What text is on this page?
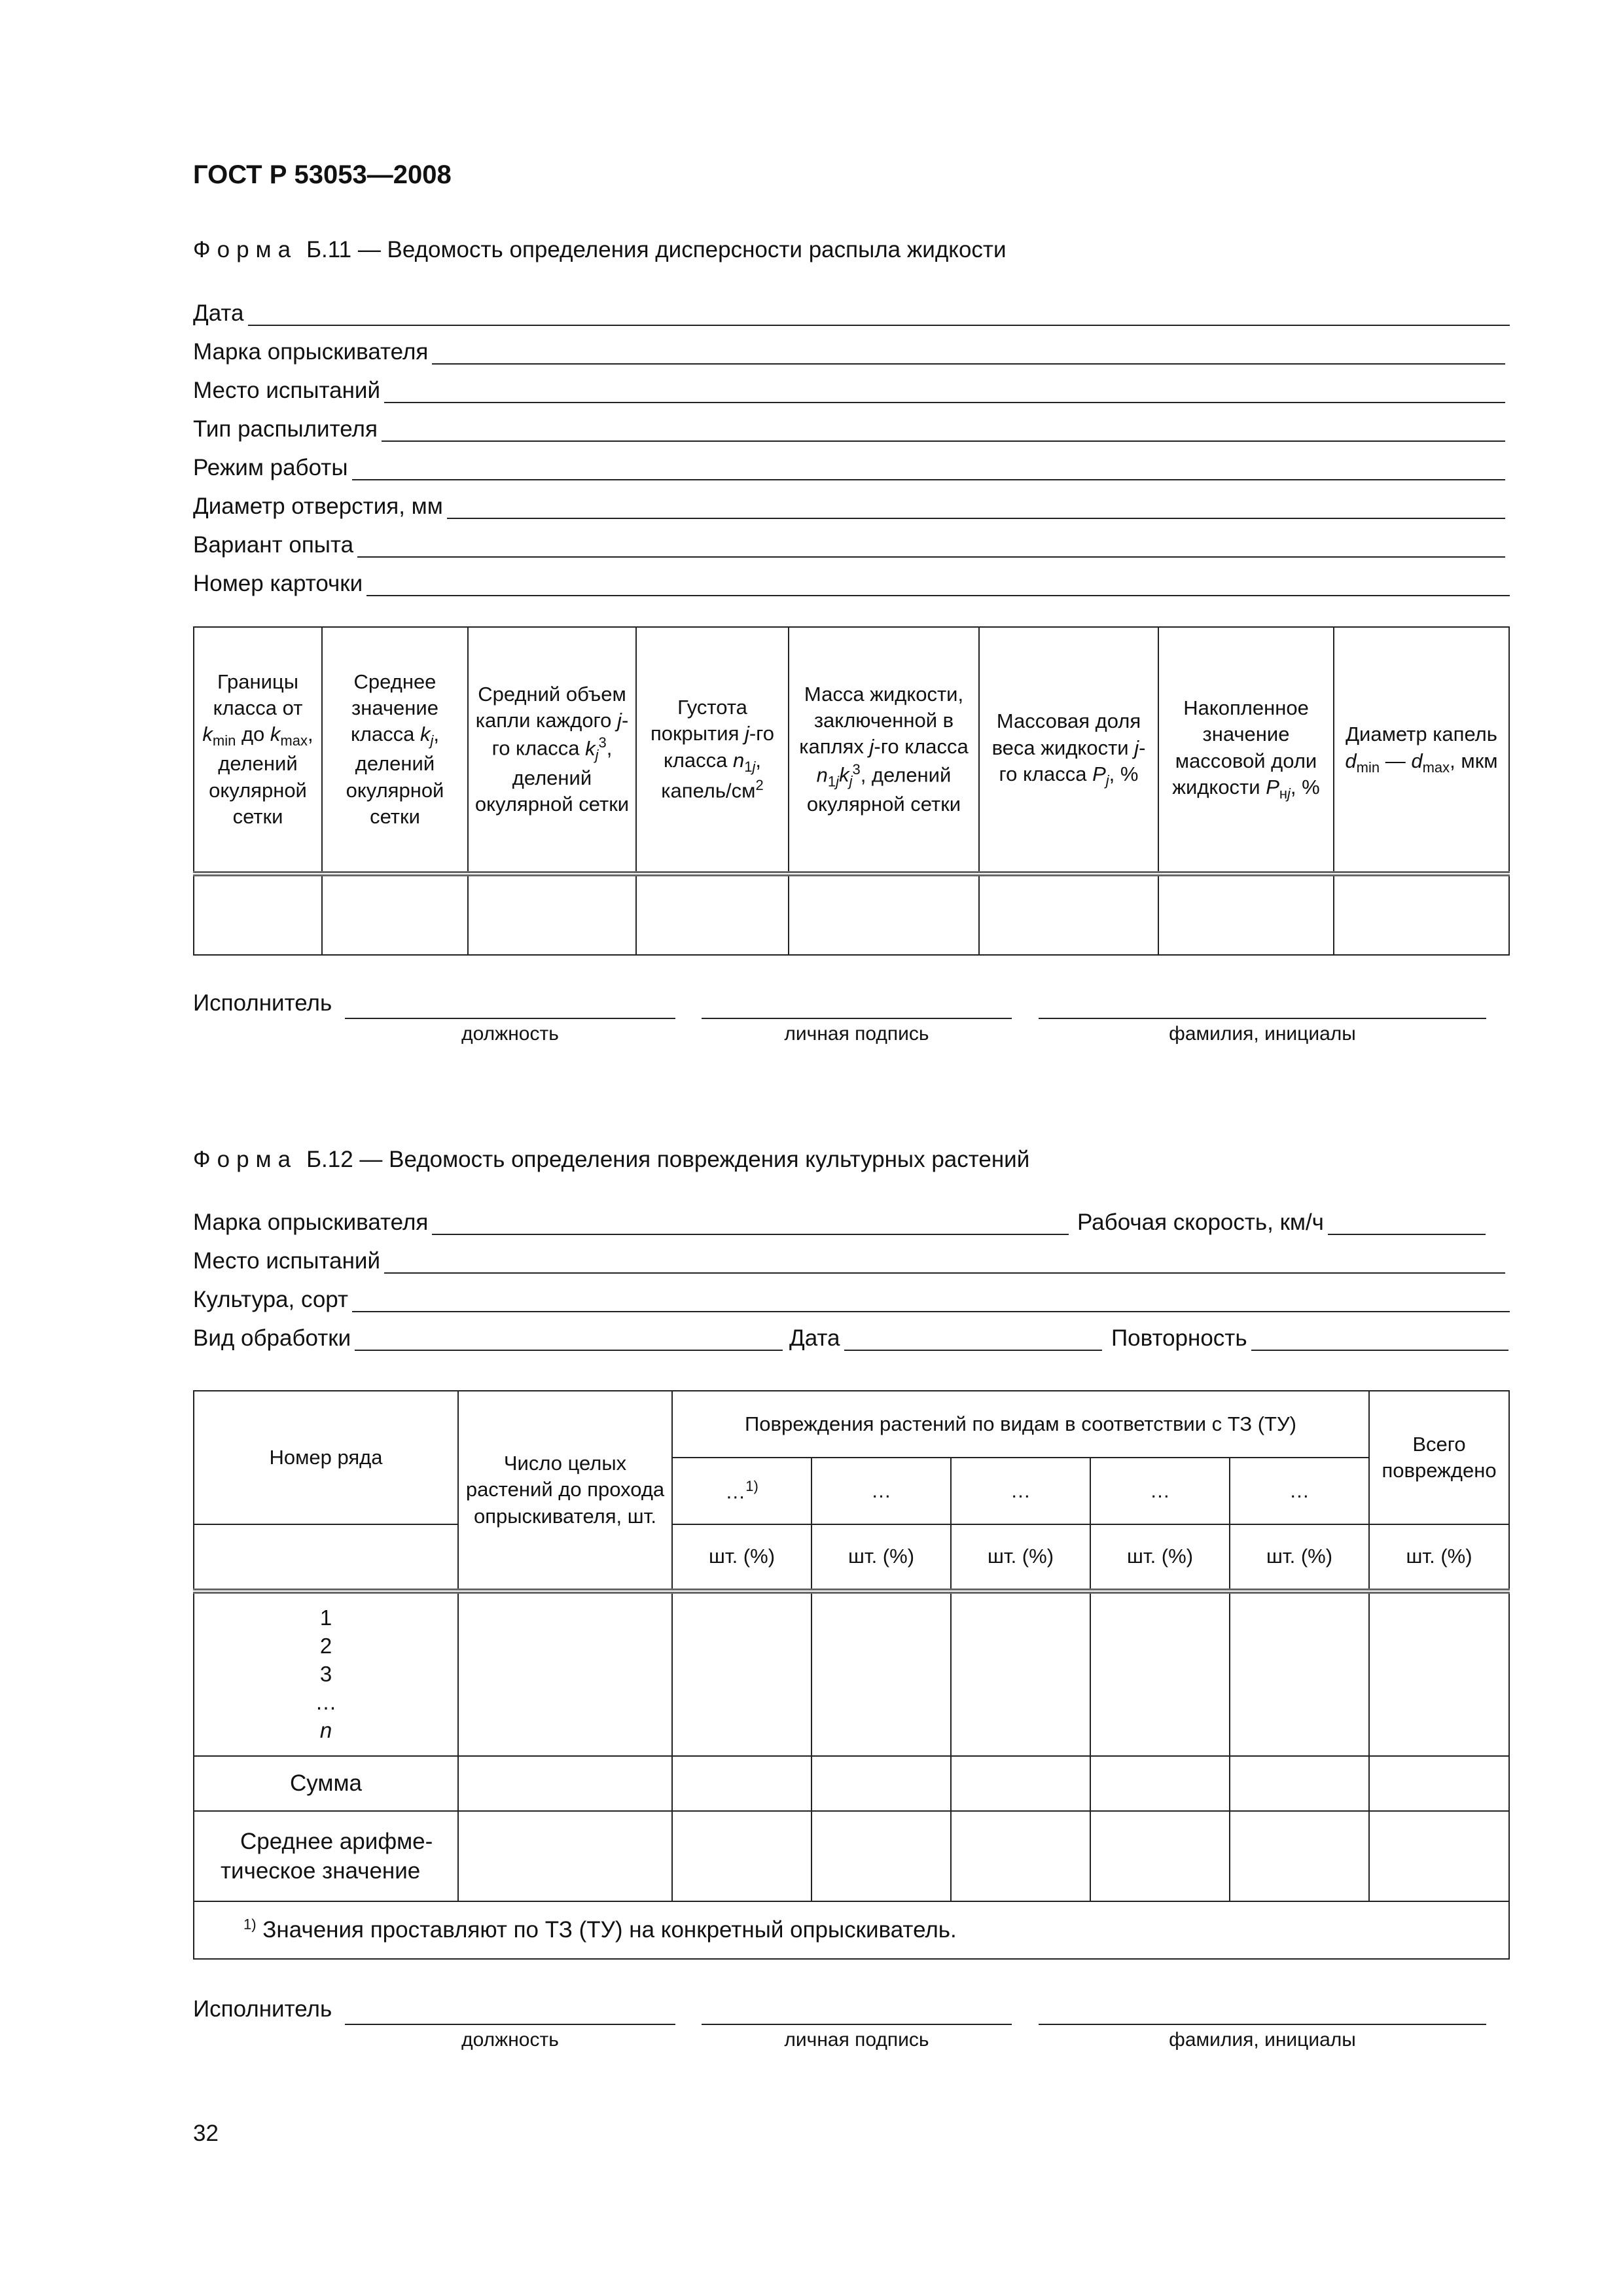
ГОСТ Р 53053—2008
Форма Б.11 — Ведомость определения дисперсности распыла жидкости
Дата
Марка опрыскивателя
Место испытаний
Тип распылителя
Режим работы
Диаметр отверстия, мм
Вариант опыта
Номер карточки
Границы класса от $k_{min}$ до $k_{max}$, делений окулярной сетки	Среднее значение класса $k_j$, делений окулярной сетки	Средний объем капли каждого j-го класса $k_j^3$, делений окулярной сетки	Густота покрытия j-го класса $n_{1j}$, капель/$см^2$	Масса жидкости, заключенной в каплях j-го класса $n_{1j}k_j^3$, делений окулярной сетки	Массовая доля веса жидкости j-го класса $P_j$, %	Накопленное значение массовой доли жидкости $P_{нj}$, %	Диаметр капель $d_{min}$ — $d_{max}$, мкм

Исполнитель
должность	личная подпись	фамилия, инициалы
Форма Б.12 — Ведомость определения повреждения культурных растений
Марка опрыскивателя	Рабочая скорость, км/ч
Место испытаний
Культура, сорт
Вид обработки	Дата	Повторность
Номер ряда	Число целых растений до прохода опрыскивателя, шт.	Повреждения растений по видам в соответствии с ТЗ (ТУ)					Всего повреждено
		…$^{1)}$	…	…	…	…	
		шт. (%)	шт. (%)	шт. (%)	шт. (%)	шт. (%)	шт. (%)

1
2
3
…
n							

Сумма							

Среднее арифме-
тическое значение							

$^{1)}$ Значения проставляют по ТЗ (ТУ) на конкретный опрыскиватель.							
Исполнитель
должность	личная подпись	фамилия, инициалы
32
